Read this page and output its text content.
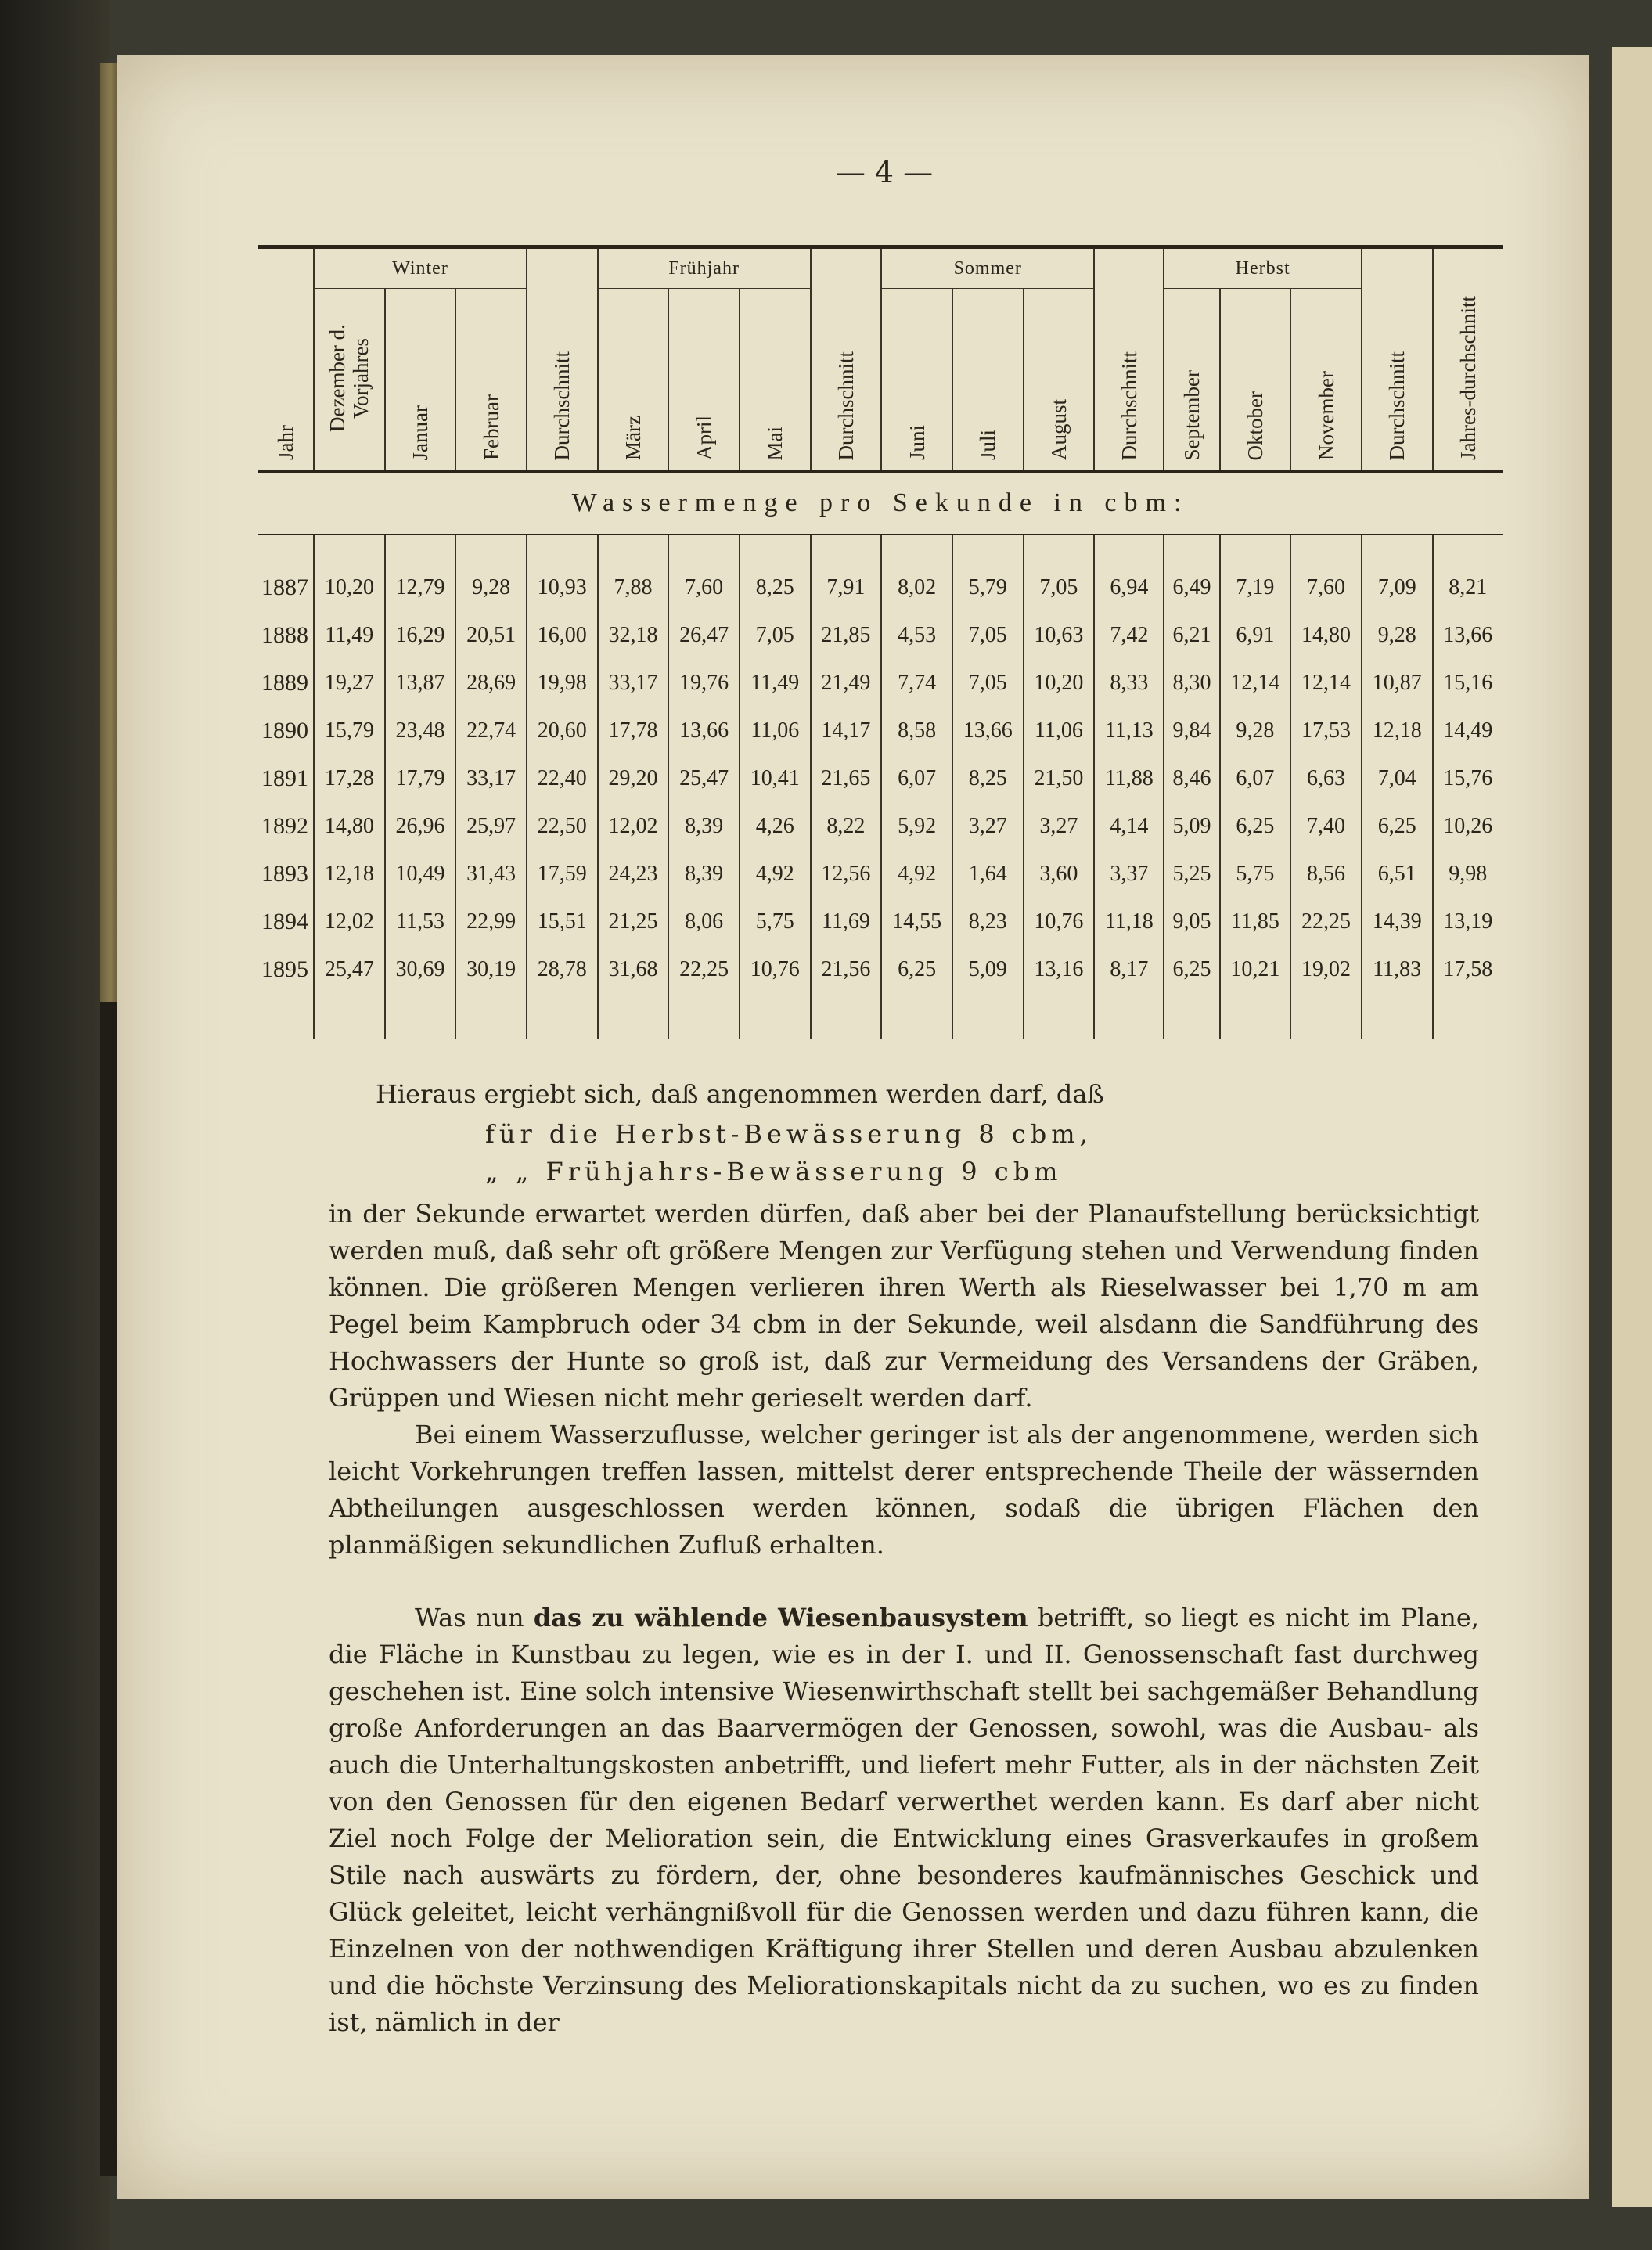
— 4 —
	Winter				Frühjahr				Sommer				Herbst				
Jahr	Dezember d. Vorjahres	Januar	Februar	Durchschnitt	März	April	Mai	Durchschnitt	Juni	Juli	August	Durchschnitt	September	Oktober	November	Durchschnitt	Jahres-durchschnitt
Wassermenge pro Sekunde in cbm:																	

1887	10,20	12,79	9,28	10,93	7,88	7,60	8,25	7,91	8,02	5,79	7,05	6,94	6,49	7,19	7,60	7,09	8,21
1888	11,49	16,29	20,51	16,00	32,18	26,47	7,05	21,85	4,53	7,05	10,63	7,42	6,21	6,91	14,80	9,28	13,66
1889	19,27	13,87	28,69	19,98	33,17	19,76	11,49	21,49	7,74	7,05	10,20	8,33	8,30	12,14	12,14	10,87	15,16
1890	15,79	23,48	22,74	20,60	17,78	13,66	11,06	14,17	8,58	13,66	11,06	11,13	9,84	9,28	17,53	12,18	14,49
1891	17,28	17,79	33,17	22,40	29,20	25,47	10,41	21,65	6,07	8,25	21,50	11,88	8,46	6,07	6,63	7,04	15,76
1892	14,80	26,96	25,97	22,50	12,02	8,39	4,26	8,22	5,92	3,27	3,27	4,14	5,09	6,25	7,40	6,25	10,26
1893	12,18	10,49	31,43	17,59	24,23	8,39	4,92	12,56	4,92	1,64	3,60	3,37	5,25	5,75	8,56	6,51	9,98
1894	12,02	11,53	22,99	15,51	21,25	8,06	5,75	11,69	14,55	8,23	10,76	11,18	9,05	11,85	22,25	14,39	13,19
1895	25,47	30,69	30,19	28,78	31,68	22,25	10,76	21,56	6,25	5,09	13,16	8,17	6,25	10,21	19,02	11,83	17,58

Hieraus ergiebt sich, daß angenommen werden darf, daß

für die Herbst-Bewässerung 8 cbm,
„ „ Frühjahrs-Bewässerung 9 cbm

in der Sekunde erwartet werden dürfen, daß aber bei der Planaufstellung berücksichtigt werden muß, daß sehr oft größere Mengen zur Verfügung stehen und Verwendung finden können. Die größeren Mengen verlieren ihren Werth als Rieselwasser bei 1,70 m am Pegel beim Kampbruch oder 34 cbm in der Sekunde, weil alsdann die Sandführung des Hochwassers der Hunte so groß ist, daß zur Vermeidung des Versandens der Gräben, Grüppen und Wiesen nicht mehr gerieselt werden darf.

Bei einem Wasserzuflusse, welcher geringer ist als der angenommene, werden sich leicht Vorkehrungen treffen lassen, mittelst derer entsprechende Theile der wässernden Abtheilungen ausgeschlossen werden können, sodaß die übrigen Flächen den planmäßigen sekundlichen Zufluß erhalten.

Was nun das zu wählende Wiesenbausystem betrifft, so liegt es nicht im Plane, die Fläche in Kunstbau zu legen, wie es in der I. und II. Genossenschaft fast durchweg geschehen ist. Eine solch intensive Wiesenwirthschaft stellt bei sachgemäßer Behandlung große Anforderungen an das Baarvermögen der Genossen, sowohl, was die Ausbau- als auch die Unterhaltungskosten anbetrifft, und liefert mehr Futter, als in der nächsten Zeit von den Genossen für den eigenen Bedarf verwerthet werden kann. Es darf aber nicht Ziel noch Folge der Melioration sein, die Entwicklung eines Grasverkaufes in großem Stile nach auswärts zu fördern, der, ohne besonderes kaufmännisches Geschick und Glück geleitet, leicht verhängnißvoll für die Genossen werden und dazu führen kann, die Einzelnen von der nothwendigen Kräftigung ihrer Stellen und deren Ausbau abzulenken und die höchste Verzinsung des Meliorationskapitals nicht da zu suchen, wo es zu finden ist, nämlich in der
